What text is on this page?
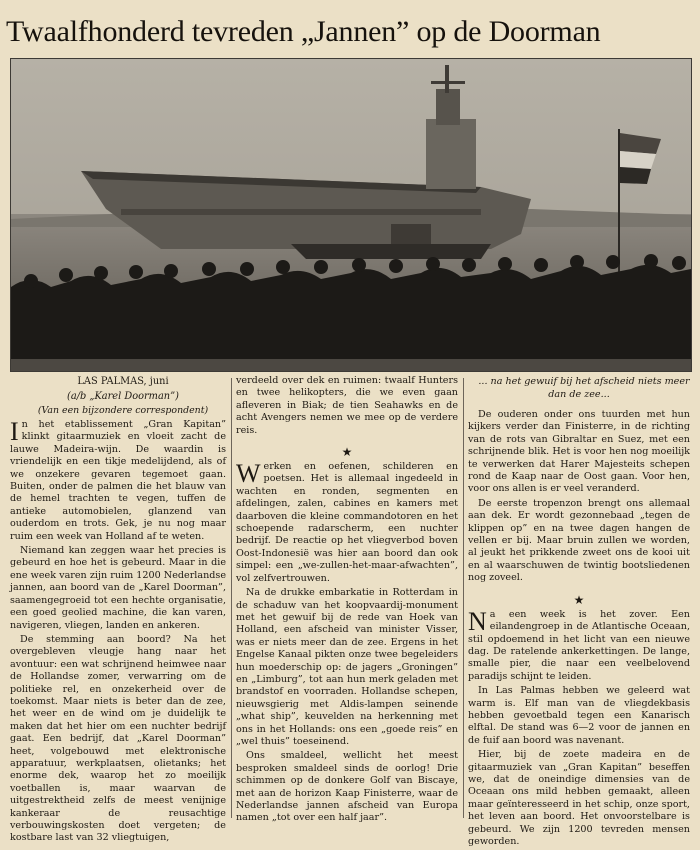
Twaalfhonderd tevreden „Jannen” op de Doorman

LAS PALMAS, juni

(a/b „Karel Doorman”)

(Van een bijzondere correspondent)

In het etablissement „Gran Kapitan” klinkt gitaarmuziek en vloeit zacht de lauwe Madeira-wijn. De waardin is vriendelijk en een tikje medelijdend, als of we onzekere gevaren tegemoet gaan. Buiten, onder de palmen die het blauw van de hemel trachten te vegen, tuffen de antieke automobielen, glanzend van ouderdom en trots. Gek, je nu nog maar ruim een week van Holland af te weten.

Niemand kan zeggen waar het precies is gebeurd en hoe het is gebeurd. Maar in die ene week varen zijn ruim 1200 Nederlandse jannen, aan boord van de „Karel Doorman”, saamengegroeid tot een hechte organisatie, een goed geolied machine, die kan varen, navigeren, vliegen, landen en ankeren.

De stemming aan boord? Na het overgebleven vleugje hang naar het avontuur: een wat schrijnend heimwee naar de Hollandse zomer, verwarring om de politieke rel, en onzekerheid over de toekomst. Maar niets is beter dan de zee, het weer en de wind om je duidelijk te maken dat het hier om een nuchter bedrijf gaat. Een bedrijf, dat „Karel Doorman” heet, volgebouwd met elektronische apparatuur, werkplaatsen, olietanks; het enorme dek, waarop het zo moeilijk voetballen is, maar waarvan de uitgestrektheid zelfs de meest venijnige kankeraar de reusachtige verbouwingskosten doet vergeten; de kostbare last van 32 vliegtuigen,

verdeeld over dek en ruimen: twaalf Hunters en twee helikopters, die we even gaan afleveren in Biak; de tien Seahawks en de acht Avengers nemen we mee op de verdere reis.

★

Werken en oefenen, schilderen en poetsen. Het is allemaal ingedeeld in wachten en ronden, segmenten en afdelingen, zalen, cabines en kamers met daarboven die kleine commandotoren en het schoepende radarscherm, een nuchter bedrijf. De reactie op het vliegverbod boven Oost-Indonesië was hier aan boord dan ook simpel: een „we-zullen-het-maar-afwachten”, vol zelfvertrouwen.

Na de drukke embarkatie in Rotterdam in de schaduw van het koopvaardij-monument met het gewuif bij de rede van Hoek van Holland, een afscheid van minister Visser, was er niets meer dan de zee. Ergens in het Engelse Kanaal pikten onze twee begeleiders hun moederschip op: de jagers „Groningen” en „Limburg”, tot aan hun merk geladen met brandstof en voorraden. Hollandse schepen, nieuwsgierig met Aldis-lampen seinende „what ship”, keuvelden na herkenning met ons in het Hollands: ons een „goede reis” en „wel thuis” toeseinend.

Ons smaldeel, wellicht het meest besproken smaldeel sinds de oorlog! Drie schimmen op de donkere Golf van Biscaye, met aan de horizon Kaap Finisterre, waar de Nederlandse jannen afscheid van Europa namen „tot over een half jaar”.

... na het gewuif bij het afscheid niets meer dan de zee...

De ouderen onder ons tuurden met hun kijkers verder dan Finisterre, in de richting van de rots van Gibraltar en Suez, met een schrijnende blik. Het is voor hen nog moeilijk te verwerken dat Harer Majesteits schepen rond de Kaap naar de Oost gaan. Voor hen, voor ons allen is er veel veranderd.

De eerste tropenzon brengt ons allemaal aan dek. Er wordt gezonnebaad „tegen de klippen op” en na twee dagen hangen de vellen er bij. Maar bruin zullen we worden, al jeukt het prikkende zweet ons de kooi uit en al waarschuwen de twintig bootsliedenen nog zoveel.

★

Na een week is het zover. Een eilandengroep in de Atlantische Oceaan, stil opdoemend in het licht van een nieuwe dag. De ratelende ankerkettingen. De lange, smalle pier, die naar een veelbelovend paradijs schijnt te leiden.

In Las Palmas hebben we geleerd wat warm is. Elf man van de vliegdekbasis hebben gevoetbald tegen een Kanarisch elftal. De stand was 6—2 voor de jannen en de fuif aan boord was navenant.

Hier, bij de zoete madeira en de gitaarmuziek van „Gran Kapitan” beseffen we, dat de oneindige dimensies van de Oceaan ons mild hebben gemaakt, alleen maar geïnteresseerd in het schip, onze sport, het leven aan boord. Het onvoorstelbare is gebeurd. We zijn 1200 tevreden mensen geworden.
